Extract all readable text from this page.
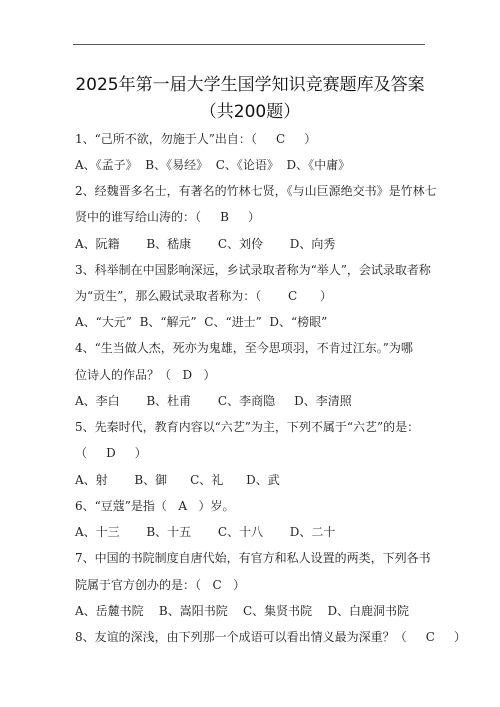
2025年第一届大学生国学知识竞赛题库及答案
（共200题）
1、“己所不欲，勿施于人”出自：（     C     ）
A、《孟子》  B、《易经》  C、《论语》  D、《中庸》
2、经魏晋多名士，有著名的竹林七贤，《与山巨源绝交书》是竹林七
贤中的谁写给山涛的：（     B     ）
A、阮籍       B、嵇康       C、刘伶       D、向秀
3、科举制在中国影响深远，乡试录取者称为“举人”，会试录取者称
为“贡生”，那么殿试录取者称为：（       C      ）
A、“大元”  B、“解元”  C、“进士”  D、“榜眼”
4、“生当做人杰，死亦为鬼雄，至今思项羽，不肯过江东。”为哪
位诗人的作品？（   D   ）
A、李白       B、杜甫       C、李商隐     D、李清照
5、先秦时代，教育内容以“六艺”为主，下列不属于“六艺”的是：
（     D     ）
A、射       B、御      C、礼      D、武
6、“豆蔻”是指（   A   ）岁。
A、十三       B、十五       C、十八       D、二十
7、中国的书院制度自唐代始，有官方和私人设置的两类，下列各书
院属于官方创办的是：（   C   ）
A、岳麓书院    B、嵩阳书院    C、集贤书院    D、白鹿洞书院
8、友谊的深浅，由下列那一个成语可以看出情义最为深重？（     C     ）
